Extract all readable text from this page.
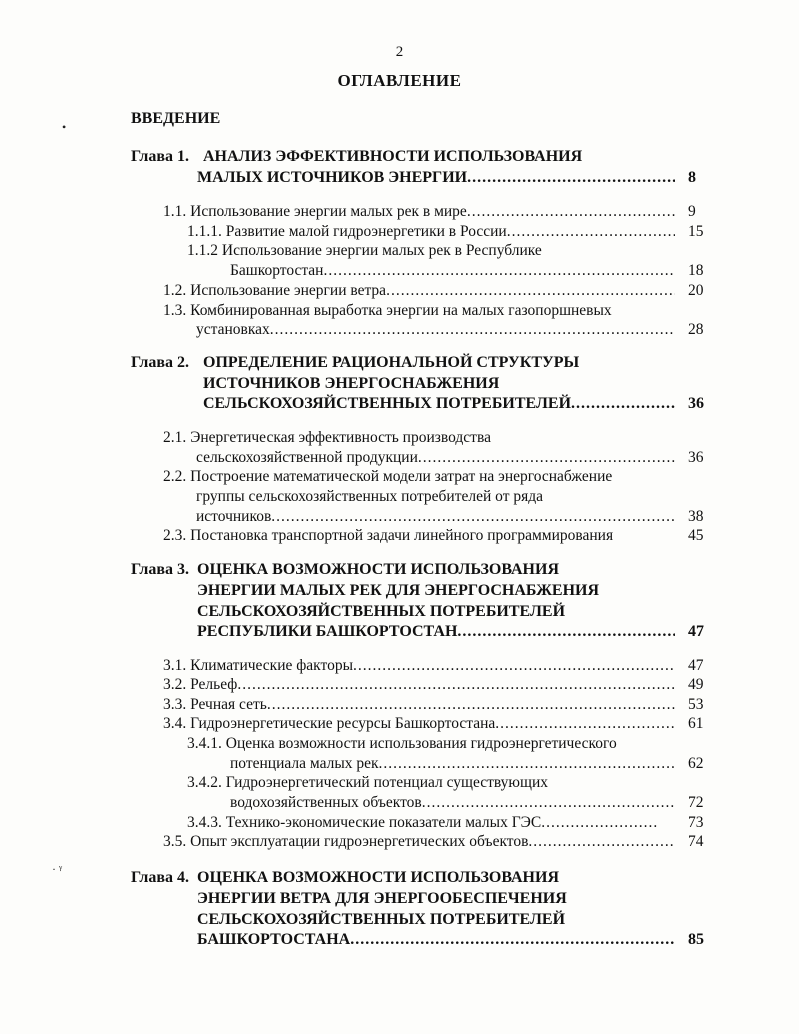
2
ОГЛАВЛЕНИЕ
•	ВВЕДЕНИЕ
Глава 1. АНАЛИЗ ЭФФЕКТИВНОСТИ ИСПОЛЬЗОВАНИЯ
МАЛЫХ ИСТОЧНИКОВ ЭНЕРГИИ .....	8
1.1. Использование энергии малых рек в мире .....	9
1.1.1. Развитие малой гидроэнергетики в России .....	15
1.1.2 Использование энергии малых рек в Республике
Башкортостан .....	18
1.2. Использование энергии ветра .....	20
1.3. Комбинированная выработка энергии на малых газопоршневых
установках .....	28
Глава 2. ОПРЕДЕЛЕНИЕ РАЦИОНАЛЬНОЙ СТРУКТУРЫ
ИСТОЧНИКОВ ЭНЕРГОСНАБЖЕНИЯ
СЕЛЬСКОХОЗЯЙСТВЕННЫХ ПОТРЕБИТЕЛЕЙ .....	36
2.1. Энергетическая эффективность производства
сельскохозяйственной продукции .....	36
2.2. Построение математической модели затрат на энергоснабжение
группы сельскохозяйственных потребителей от ряда
источников .....	38
2.3. Постановка транспортной задачи линейного программирования	45
Глава 3. ОЦЕНКА ВОЗМОЖНОСТИ ИСПОЛЬЗОВАНИЯ
ЭНЕРГИИ МАЛЫХ РЕК ДЛЯ ЭНЕРГОСНАБЖЕНИЯ
СЕЛЬСКОХОЗЯЙСТВЕННЫХ ПОТРЕБИТЕЛЕЙ
РЕСПУБЛИКИ БАШКОРТОСТАН .....	47
3.1. Климатические факторы .....	47
3.2. Рельеф .....	49
3.3. Речная сеть .....	53
3.4. Гидроэнергетические ресурсы Башкортостана .....	61
3.4.1. Оценка возможности использования гидроэнергетического
потенциала малых рек .....	62
3.4.2. Гидроэнергетический потенциал существующих
водохозяйственных объектов .....	72
3.4.3. Технико-экономические показатели малых ГЭС .....	73
3.5. Опыт эксплуатации гидроэнергетических объектов .....	74
· ᵞ	Глава 4. ОЦЕНКА ВОЗМОЖНОСТИ ИСПОЛЬЗОВАНИЯ
ЭНЕРГИИ ВЕТРА ДЛЯ ЭНЕРГООБЕСПЕЧЕНИЯ
СЕЛЬСКОХОЗЯЙСТВЕННЫХ ПОТРЕБИТЕЛЕЙ
БАШКОРТОСТАНА .....	85
